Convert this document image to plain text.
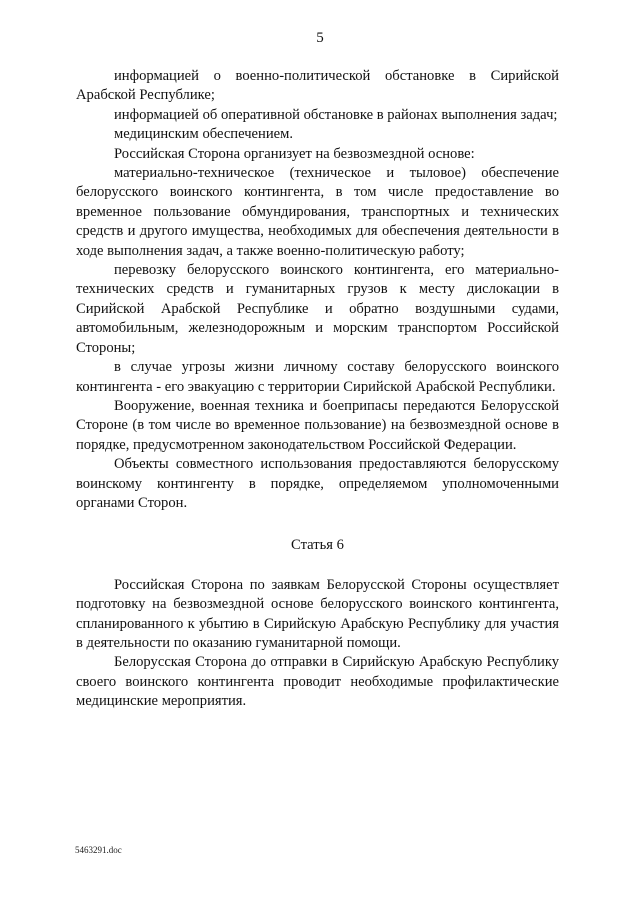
5

информацией о военно-политической обстановке в Сирийской Арабской Республике;

информацией об оперативной обстановке в районах выполнения задач;

медицинским обеспечением.

Российская Сторона организует на безвозмездной основе:

материально-техническое (техническое и тыловое) обеспечение белорусского воинского контингента, в том числе предоставление во временное пользование обмундирования, транспортных и технических средств и другого имущества, необходимых для обеспечения деятельности в ходе выполнения задач, а также военно-политическую работу;

перевозку белорусского воинского контингента, его материально-технических средств и гуманитарных грузов к месту дислокации в Сирийской Арабской Республике и обратно воздушными судами, автомобильным, железнодорожным и морским транспортом Российской Стороны;

в случае угрозы жизни личному составу белорусского воинского контингента - его эвакуацию с территории Сирийской Арабской Республики.

Вооружение, военная техника и боеприпасы передаются Белорусской Стороне (в том числе во временное пользование) на безвозмездной основе в порядке, предусмотренном законодательством Российской Федерации.

Объекты совместного использования предоставляются белорусскому воинскому контингенту в порядке, определяемом уполномоченными органами Сторон.

Статья 6

Российская Сторона по заявкам Белорусской Стороны осуществляет подготовку на безвозмездной основе белорусского воинского контингента, спланированного к убытию в Сирийскую Арабскую Республику для участия в деятельности по оказанию гуманитарной помощи.

Белорусская Сторона до отправки в Сирийскую Арабскую Республику своего воинского контингента проводит необходимые профилактические медицинские мероприятия.

5463291.doc
